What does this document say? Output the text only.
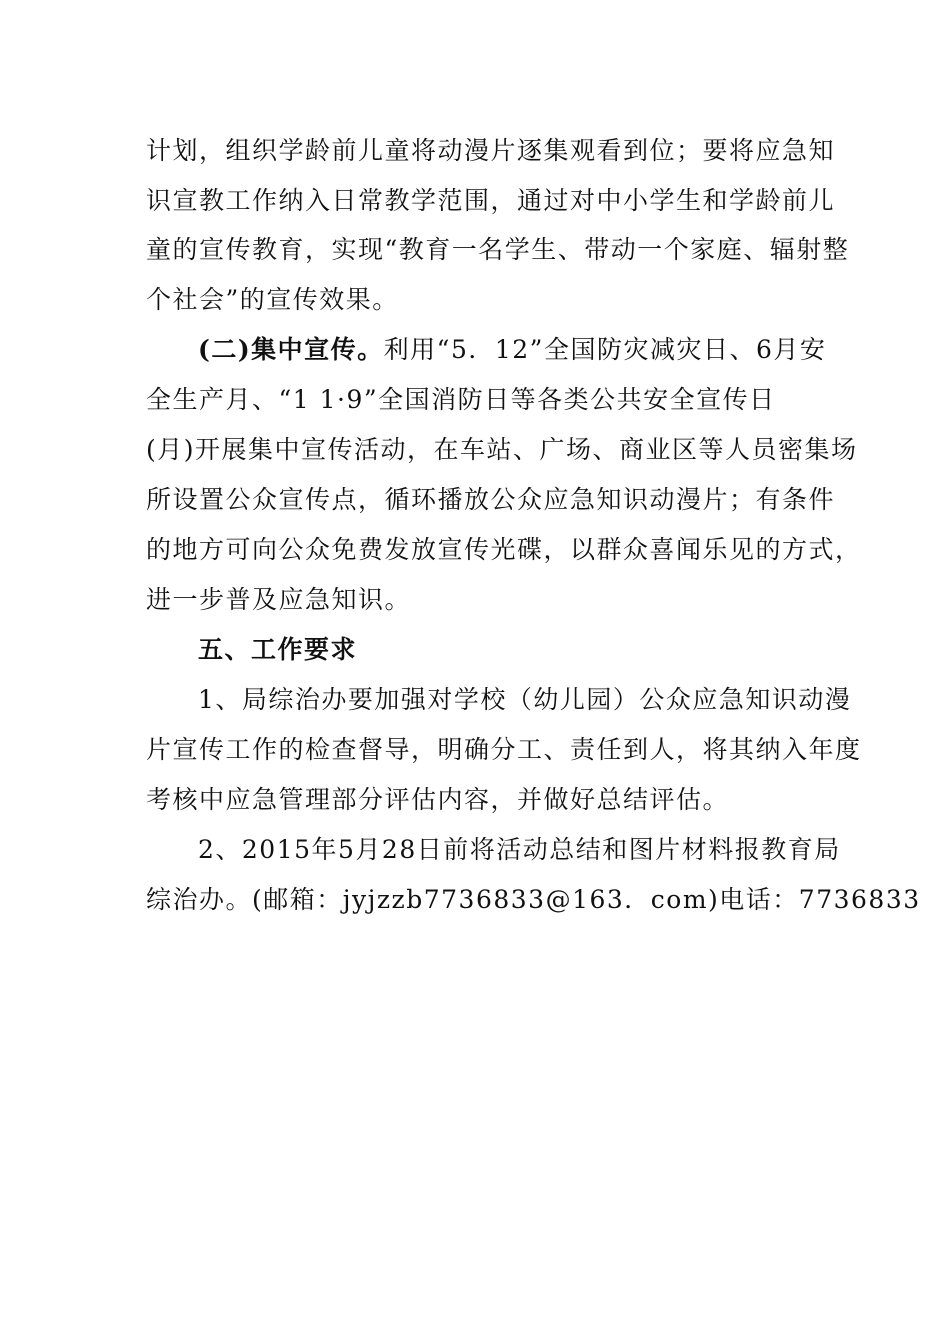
计划，组织学龄前儿童将动漫片逐集观看到位；要将应急知
识宣教工作纳入日常教学范围，通过对中小学生和学龄前儿
童的宣传教育，实现“教育一名学生、带动一个家庭、辐射整
个社会”的宣传效果。
(二)集中宣传。利用“5．12”全国防灾减灾日、6月安
全生产月、“1 1·9”全国消防日等各类公共安全宣传日
(月)开展集中宣传活动，在车站、广场、商业区等人员密集场
所设置公众宣传点，循环播放公众应急知识动漫片；有条件
的地方可向公众免费发放宣传光碟，以群众喜闻乐见的方式，
进一步普及应急知识。
五、工作要求
1、局综治办要加强对学校（幼儿园）公众应急知识动漫
片宣传工作的检查督导，明确分工、责任到人，将其纳入年度
考核中应急管理部分评估内容，并做好总结评估。
2、2015年5月28日前将活动总结和图片材料报教育局
综治办。(邮箱：jyjzzb7736833@163．com)电话：7736833
